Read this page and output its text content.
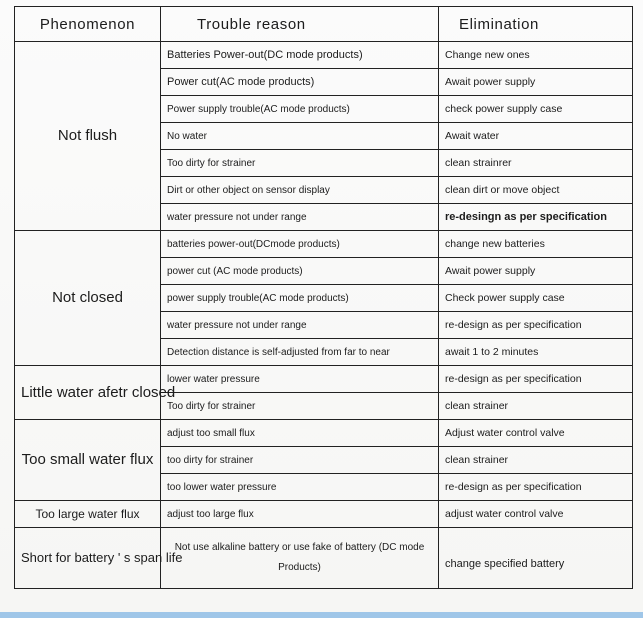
Phenomenon	Trouble reason	Elimination
Not flush	Batteries Power-out(DC mode products)	Change new ones
	Power cut(AC mode products)	Await power supply
	Power supply trouble(AC mode products)	check power supply case
	No water	Await water
	Too dirty for strainer	clean strainrer
	Dirt or other object on sensor display	clean dirt or move object
	water pressure not under range	re-desingn as per specification
Not closed	batteries power-out(DCmode products)	change new batteries
	power cut (AC mode products)	Await power supply
	power supply trouble(AC mode products)	Check power supply case
	water pressure not under range	re-design as per specification
	Detection distance is self-adjusted from far to near	await 1 to 2 minutes
Little water afetr closed	lower water pressure	re-design as per specification
	Too dirty for strainer	clean strainer
Too small water flux	adjust too small flux	Adjust water control valve
	too dirty for strainer	clean strainer
	too lower water pressure	re-design as per specification
Too large water flux	adjust too large flux	adjust water control valve
Short for battery ' s span life	Not use alkaline battery or use fake of battery (DC mode Products)	change specified battery
